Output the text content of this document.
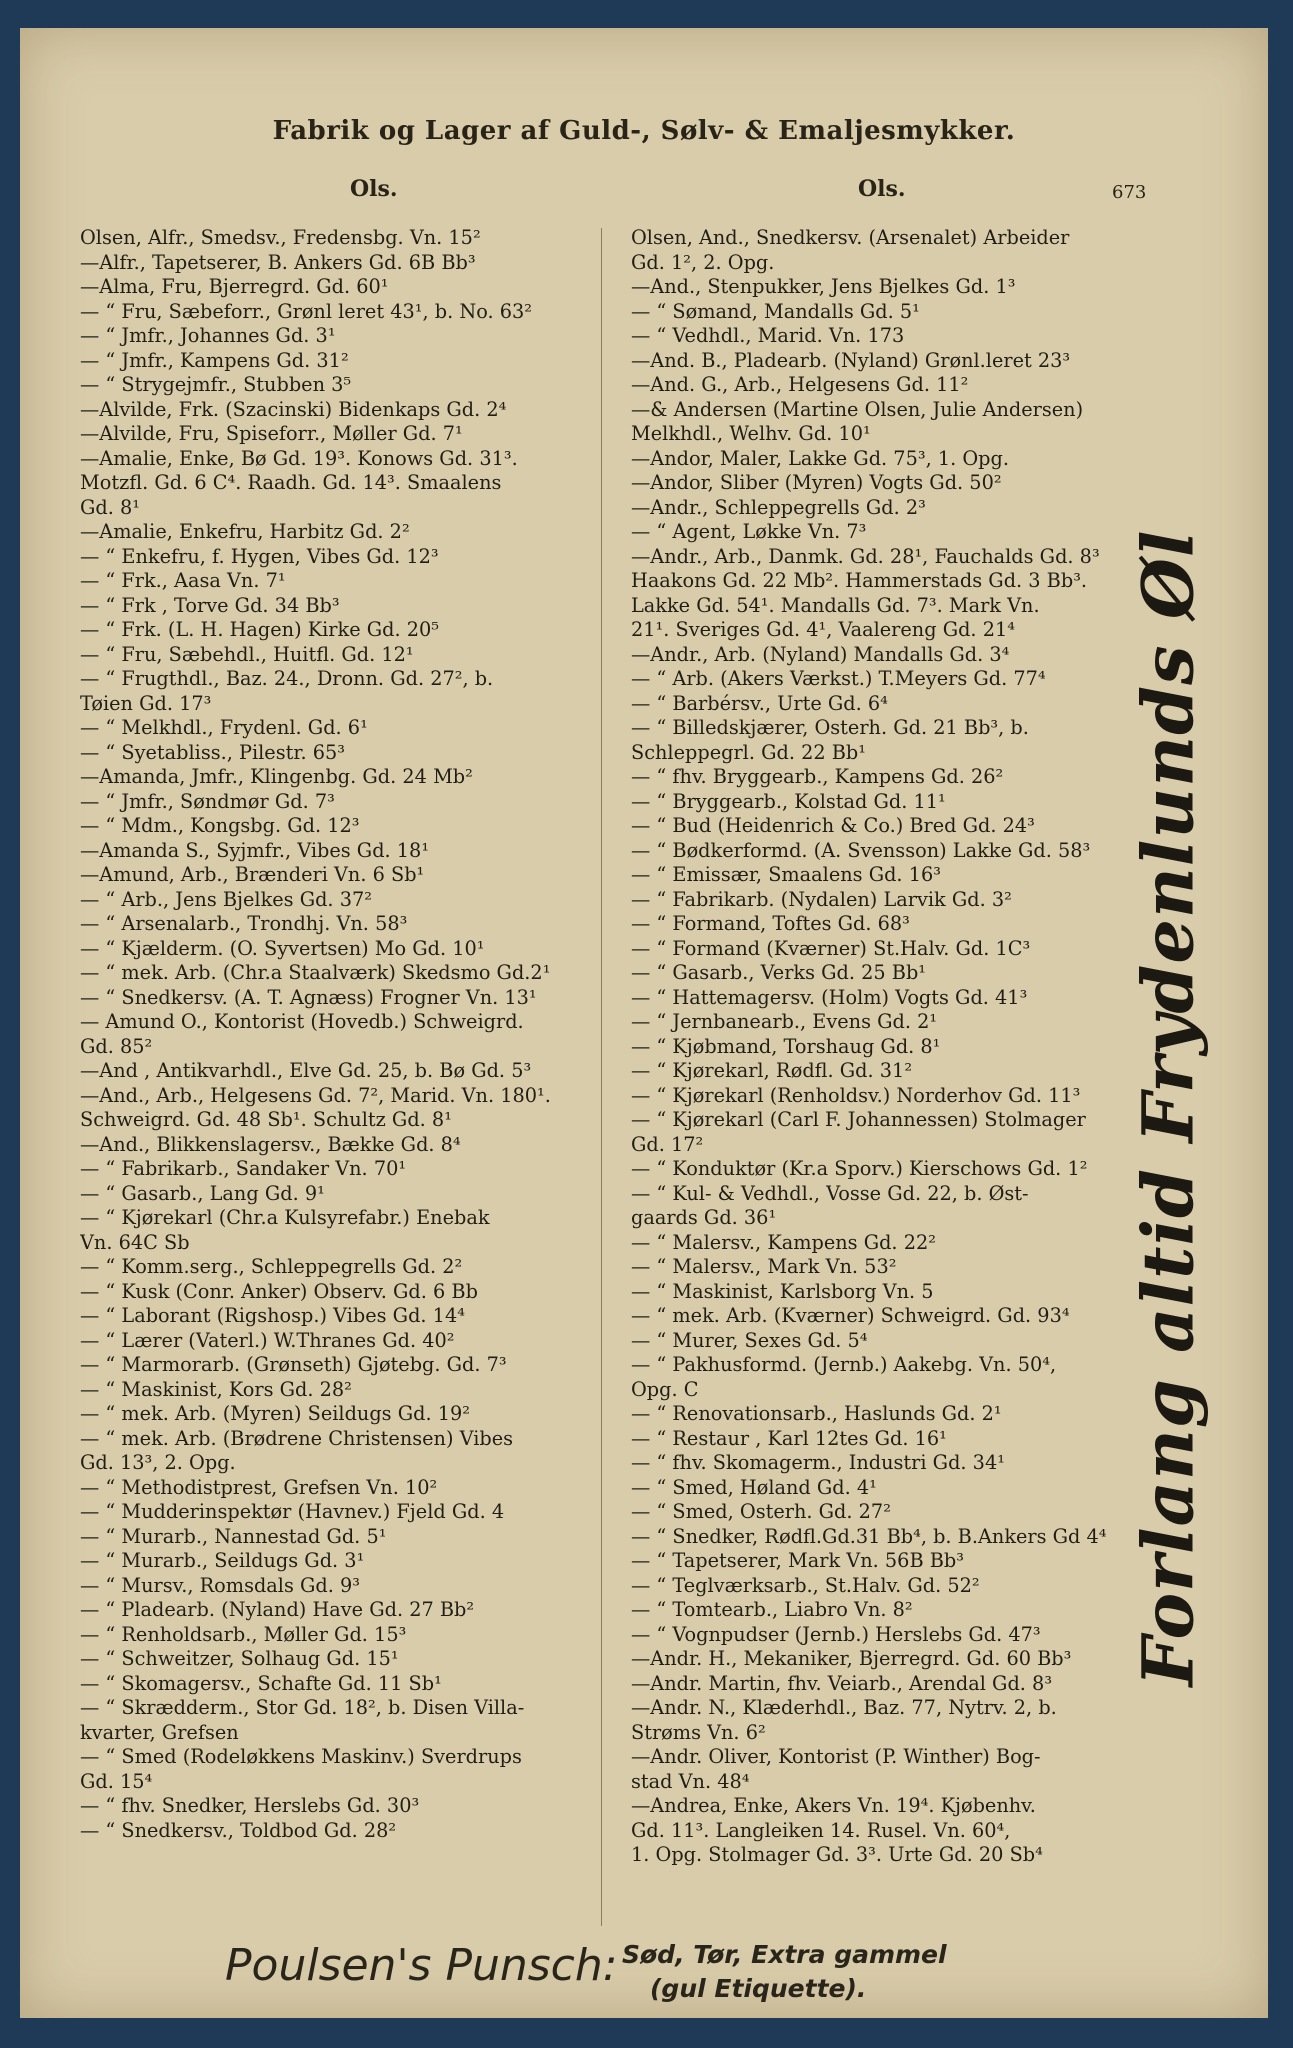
Fabrik og Lager af Guld-, Sølv- & Emaljesmykker.
Ols.	Ols.	673
Olsen, Alfr., Smedsv., Fredensbg. Vn. 15²
—Alfr., Tapetserer, B. Ankers Gd. 6B Bb³
—Alma, Fru, Bjerregrd. Gd. 60¹
— “ Fru, Sæbeforr., Grønl leret 43¹, b. No. 63²
— “ Jmfr., Johannes Gd. 3¹
— “ Jmfr., Kampens Gd. 31²
— “ Strygejmfr., Stubben 3⁵
—Alvilde, Frk. (Szacinski) Bidenkaps Gd. 2⁴
—Alvilde, Fru, Spiseforr., Møller Gd. 7¹
—Amalie, Enke, Bø Gd. 19³. Konows Gd. 31³.
Motzfl. Gd. 6 C⁴. Raadh. Gd. 14³. Smaalens
Gd. 8¹
—Amalie, Enkefru, Harbitz Gd. 2²
— “ Enkefru, f. Hygen, Vibes Gd. 12³
— “ Frk., Aasa Vn. 7¹
— “ Frk , Torve Gd. 34 Bb³
— “ Frk. (L. H. Hagen) Kirke Gd. 20⁵
— “ Fru, Sæbehdl., Huitfl. Gd. 12¹
— “ Frugthdl., Baz. 24., Dronn. Gd. 27², b.
Tøien Gd. 17³
— “ Melkhdl., Frydenl. Gd. 6¹
— “ Syetabliss., Pilestr. 65³
—Amanda, Jmfr., Klingenbg. Gd. 24 Mb²
— “ Jmfr., Søndmør Gd. 7³
— “ Mdm., Kongsbg. Gd. 12³
—Amanda S., Syjmfr., Vibes Gd. 18¹
—Amund, Arb., Brænderi Vn. 6 Sb¹
— “ Arb., Jens Bjelkes Gd. 37²
— “ Arsenalarb., Trondhj. Vn. 58³
— “ Kjælderm. (O. Syvertsen) Mo Gd. 10¹
— “ mek. Arb. (Chr.a Staalværk) Skedsmo Gd.2¹
— “ Snedkersv. (A. T. Agnæss) Frogner Vn. 13¹
— Amund O., Kontorist (Hovedb.) Schweigrd.
Gd. 85²
—And , Antikvarhdl., Elve Gd. 25, b. Bø Gd. 5³
—And., Arb., Helgesens Gd. 7², Marid. Vn. 180¹.
Schweigrd. Gd. 48 Sb¹. Schultz Gd. 8¹
—And., Blikkenslagersv., Bække Gd. 8⁴
— “ Fabrikarb., Sandaker Vn. 70¹
— “ Gasarb., Lang Gd. 9¹
— “ Kjørekarl (Chr.a Kulsyrefabr.) Enebak
Vn. 64C Sb
— “ Komm.serg., Schleppegrells Gd. 2²
— “ Kusk (Conr. Anker) Observ. Gd. 6 Bb
— “ Laborant (Rigshosp.) Vibes Gd. 14⁴
— “ Lærer (Vaterl.) W.Thranes Gd. 40²
— “ Marmorarb. (Grønseth) Gjøtebg. Gd. 7³
— “ Maskinist, Kors Gd. 28²
— “ mek. Arb. (Myren) Seildugs Gd. 19²
— “ mek. Arb. (Brødrene Christensen) Vibes
Gd. 13³, 2. Opg.
— “ Methodistprest, Grefsen Vn. 10²
— “ Mudderinspektør (Havnev.) Fjeld Gd. 4
— “ Murarb., Nannestad Gd. 5¹
— “ Murarb., Seildugs Gd. 3¹
— “ Mursv., Romsdals Gd. 9³
— “ Pladearb. (Nyland) Have Gd. 27 Bb²
— “ Renholdsarb., Møller Gd. 15³
— “ Schweitzer, Solhaug Gd. 15¹
— “ Skomagersv., Schafte Gd. 11 Sb¹
— “ Skrædderm., Stor Gd. 18², b. Disen Villa-
kvarter, Grefsen
— “ Smed (Rodeløkkens Maskinv.) Sverdrups
Gd. 15⁴
— “ fhv. Snedker, Herslebs Gd. 30³
— “ Snedkersv., Toldbod Gd. 28²
Olsen, And., Snedkersv. (Arsenalet) Arbeider
Gd. 1², 2. Opg.
—And., Stenpukker, Jens Bjelkes Gd. 1³
— “ Sømand, Mandalls Gd. 5¹
— “ Vedhdl., Marid. Vn. 173
—And. B., Pladearb. (Nyland) Grønl.leret 23³
—And. G., Arb., Helgesens Gd. 11²
—& Andersen (Martine Olsen, Julie Andersen)
Melkhdl., Welhv. Gd. 10¹
—Andor, Maler, Lakke Gd. 75³, 1. Opg.
—Andor, Sliber (Myren) Vogts Gd. 50²
—Andr., Schleppegrells Gd. 2³
— “ Agent, Løkke Vn. 7³
—Andr., Arb., Danmk. Gd. 28¹, Fauchalds Gd. 8³
Haakons Gd. 22 Mb². Hammerstads Gd. 3 Bb³.
Lakke Gd. 54¹. Mandalls Gd. 7³. Mark Vn.
21¹. Sveriges Gd. 4¹, Vaalereng Gd. 21⁴
—Andr., Arb. (Nyland) Mandalls Gd. 3⁴
— “ Arb. (Akers Værkst.) T.Meyers Gd. 77⁴
— “ Barbérsv., Urte Gd. 6⁴
— “ Billedskjærer, Osterh. Gd. 21 Bb³, b.
Schleppegrl. Gd. 22 Bb¹
— “ fhv. Bryggearb., Kampens Gd. 26²
— “ Bryggearb., Kolstad Gd. 11¹
— “ Bud (Heidenrich & Co.) Bred Gd. 24³
— “ Bødkerformd. (A. Svensson) Lakke Gd. 58³
— “ Emissær, Smaalens Gd. 16³
— “ Fabrikarb. (Nydalen) Larvik Gd. 3²
— “ Formand, Toftes Gd. 68³
— “ Formand (Kværner) St.Halv. Gd. 1C³
— “ Gasarb., Verks Gd. 25 Bb¹
— “ Hattemagersv. (Holm) Vogts Gd. 41³
— “ Jernbanearb., Evens Gd. 2¹
— “ Kjøbmand, Torshaug Gd. 8¹
— “ Kjørekarl, Rødfl. Gd. 31²
— “ Kjørekarl (Renholdsv.) Norderhov Gd. 11³
— “ Kjørekarl (Carl F. Johannessen) Stolmager
Gd. 17²
— “ Konduktør (Kr.a Sporv.) Kierschows Gd. 1²
— “ Kul- & Vedhdl., Vosse Gd. 22, b. Øst-
gaards Gd. 36¹
— “ Malersv., Kampens Gd. 22²
— “ Malersv., Mark Vn. 53²
— “ Maskinist, Karlsborg Vn. 5
— “ mek. Arb. (Kværner) Schweigrd. Gd. 93⁴
— “ Murer, Sexes Gd. 5⁴
— “ Pakhusformd. (Jernb.) Aakebg. Vn. 50⁴,
Opg. C
— “ Renovationsarb., Haslunds Gd. 2¹
— “ Restaur , Karl 12tes Gd. 16¹
— “ fhv. Skomagerm., Industri Gd. 34¹
— “ Smed, Høland Gd. 4¹
— “ Smed, Osterh. Gd. 27²
— “ Snedker, Rødfl.Gd.31 Bb⁴, b. B.Ankers Gd 4⁴
— “ Tapetserer, Mark Vn. 56B Bb³
— “ Teglværksarb., St.Halv. Gd. 52²
— “ Tomtearb., Liabro Vn. 8²
— “ Vognpudser (Jernb.) Herslebs Gd. 47³
—Andr. H., Mekaniker, Bjerregrd. Gd. 60 Bb³
—Andr. Martin, fhv. Veiarb., Arendal Gd. 8³
—Andr. N., Klæderhdl., Baz. 77, Nytrv. 2, b.
Strøms Vn. 6²
—Andr. Oliver, Kontorist (P. Winther) Bog-
stad Vn. 48⁴
—Andrea, Enke, Akers Vn. 19⁴. Kjøbenhv.
Gd. 11³. Langleiken 14. Rusel. Vn. 60⁴,
1. Opg. Stolmager Gd. 3³. Urte Gd. 20 Sb⁴
Forlang altid Frydenlunds Øl
Poulsen's Punsch: Sød, Tør, Extra gammel
(gul Etiquette).
